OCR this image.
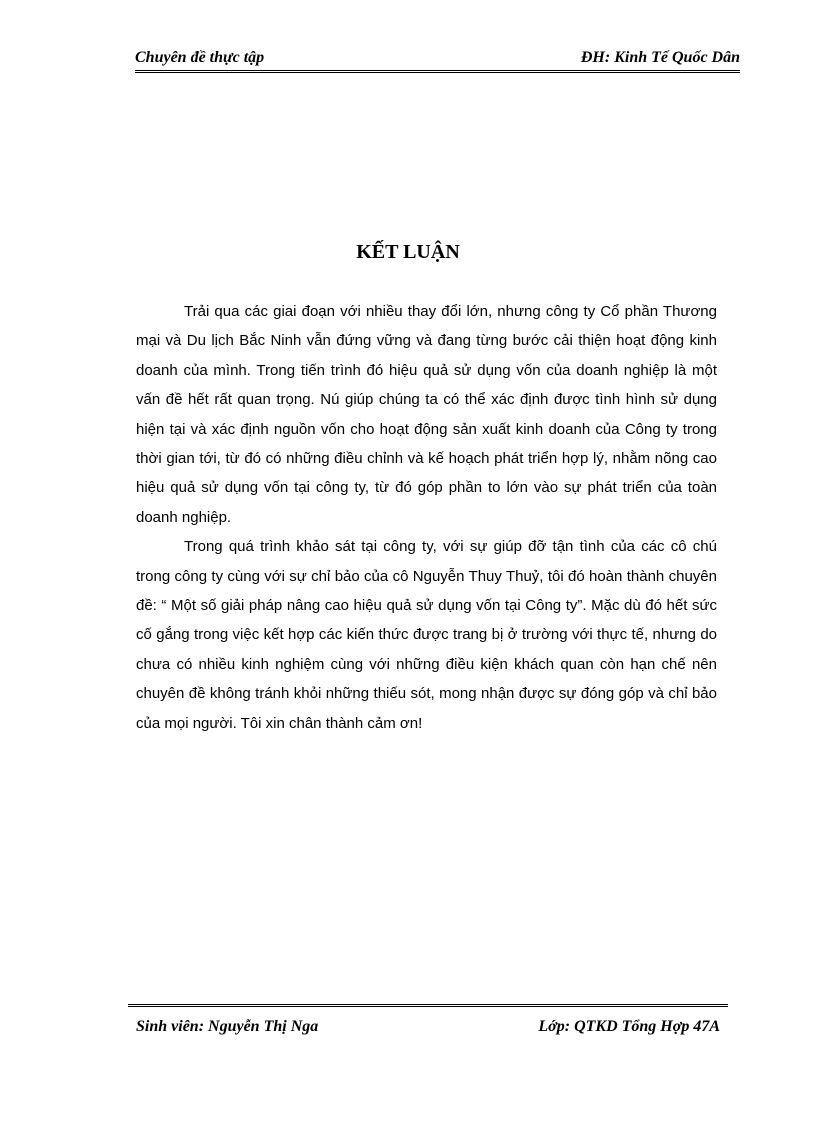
Chuyên đề thực tập	ĐH: Kinh Tế Quốc Dân
KẾT LUẬN

Trải qua các giai đoạn với nhiều thay đổi lớn, nhưng công ty Cổ phần Thương mại và Du lịch Bắc Ninh vẫn đứng vững và đang từng bước cải thiện hoạt động kinh doanh của mình. Trong tiến trình đó hiệu quả sử dụng vốn của doanh nghiệp là một vấn đề hết rất quan trọng. Nú giúp chúng ta có thể xác định được tình hình sử dụng hiện tại và xác định nguồn vốn cho hoạt động sản xuất kinh doanh của Công ty trong thời gian tới, từ đó có những điều chỉnh và kế hoạch phát triển hợp lý, nhằm nõng cao hiệu quả sử dụng vốn tại công ty, từ đó góp phần to lớn vào sự phát triển của toàn doanh nghiệp.

Trong quá trình khảo sát tại công ty, với sự giúp đỡ tận tình của các cô chú trong công ty cùng với sự chỉ bảo của cô Nguyễn Thuy Thuỷ, tôi đó hoàn thành chuyên đề: “ Một số giải pháp nâng cao hiệu quả sử dụng vốn tại Công ty”. Mặc dù đó hết sức cố gắng trong việc kết hợp các kiến thức được trang bị ở trường với thực tế, nhưng do chưa có nhiều kinh nghiệm cùng với những điều kiện khách quan còn hạn chế nên chuyên đề không tránh khỏi những thiếu sót, mong nhận được sự đóng góp và chỉ bảo của mọi người. Tôi xin chân thành cảm ơn!

Sinh viên: Nguyễn Thị Nga	Lớp: QTKD Tổng Hợp 47A
